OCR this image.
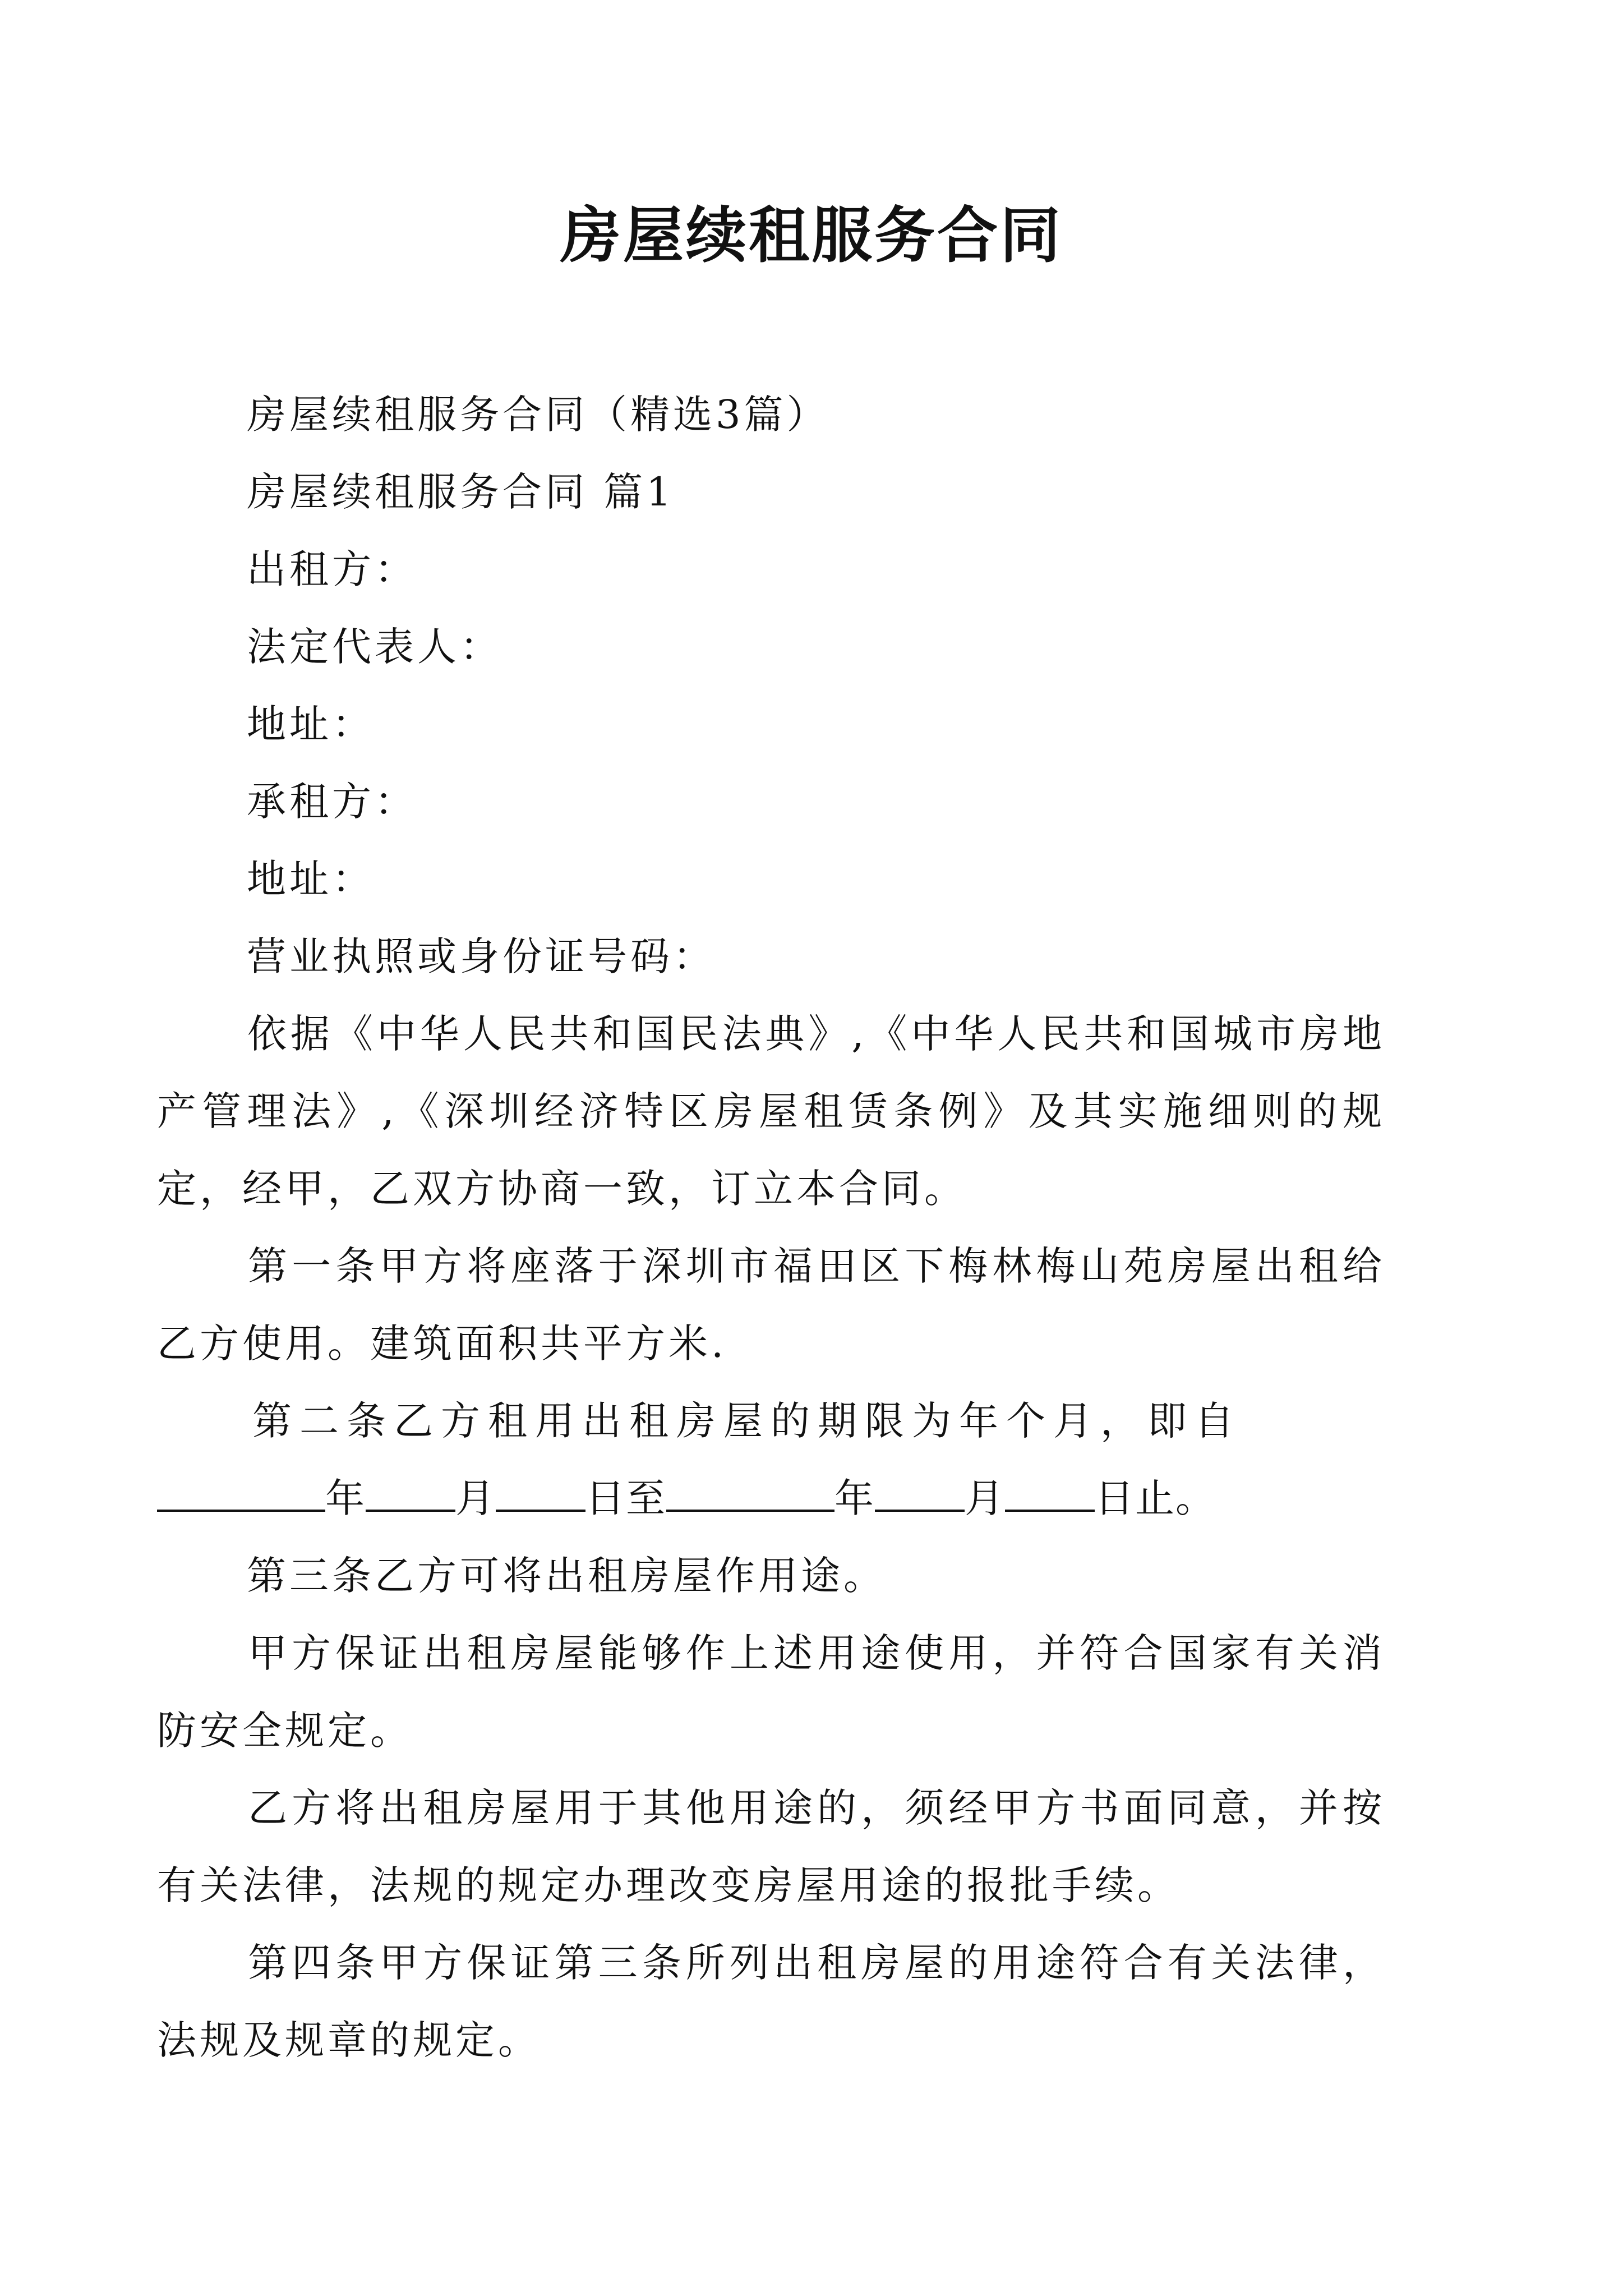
房屋续租服务合同

房屋续租服务合同（精选3篇）

房屋续租服务合同 篇1

出租方：

法定代表人：

地址：

承租方：

地址：

营业执照或身份证号码：

依据《中华人民共和国民法典》,《中华人民共和国城市房地产管理法》,《深圳经济特区房屋租赁条例》及其实施细则的规定，经甲，乙双方协商一致，订立本合同。

第一条甲方将座落于深圳市福田区下梅林梅山苑房屋出租给乙方使用。建筑面积共平方米.

第二条乙方租用出租房屋的期限为年个月，即自

年 月 日至	年 月 日止。

第三条乙方可将出租房屋作用途。

甲方保证出租房屋能够作上述用途使用，并符合国家有关消防安全规定。

乙方将出租房屋用于其他用途的，须经甲方书面同意，并按有关法律，法规的规定办理改变房屋用途的报批手续。

第四条甲方保证第三条所列出租房屋的用途符合有关法律，法规及规章的规定。
